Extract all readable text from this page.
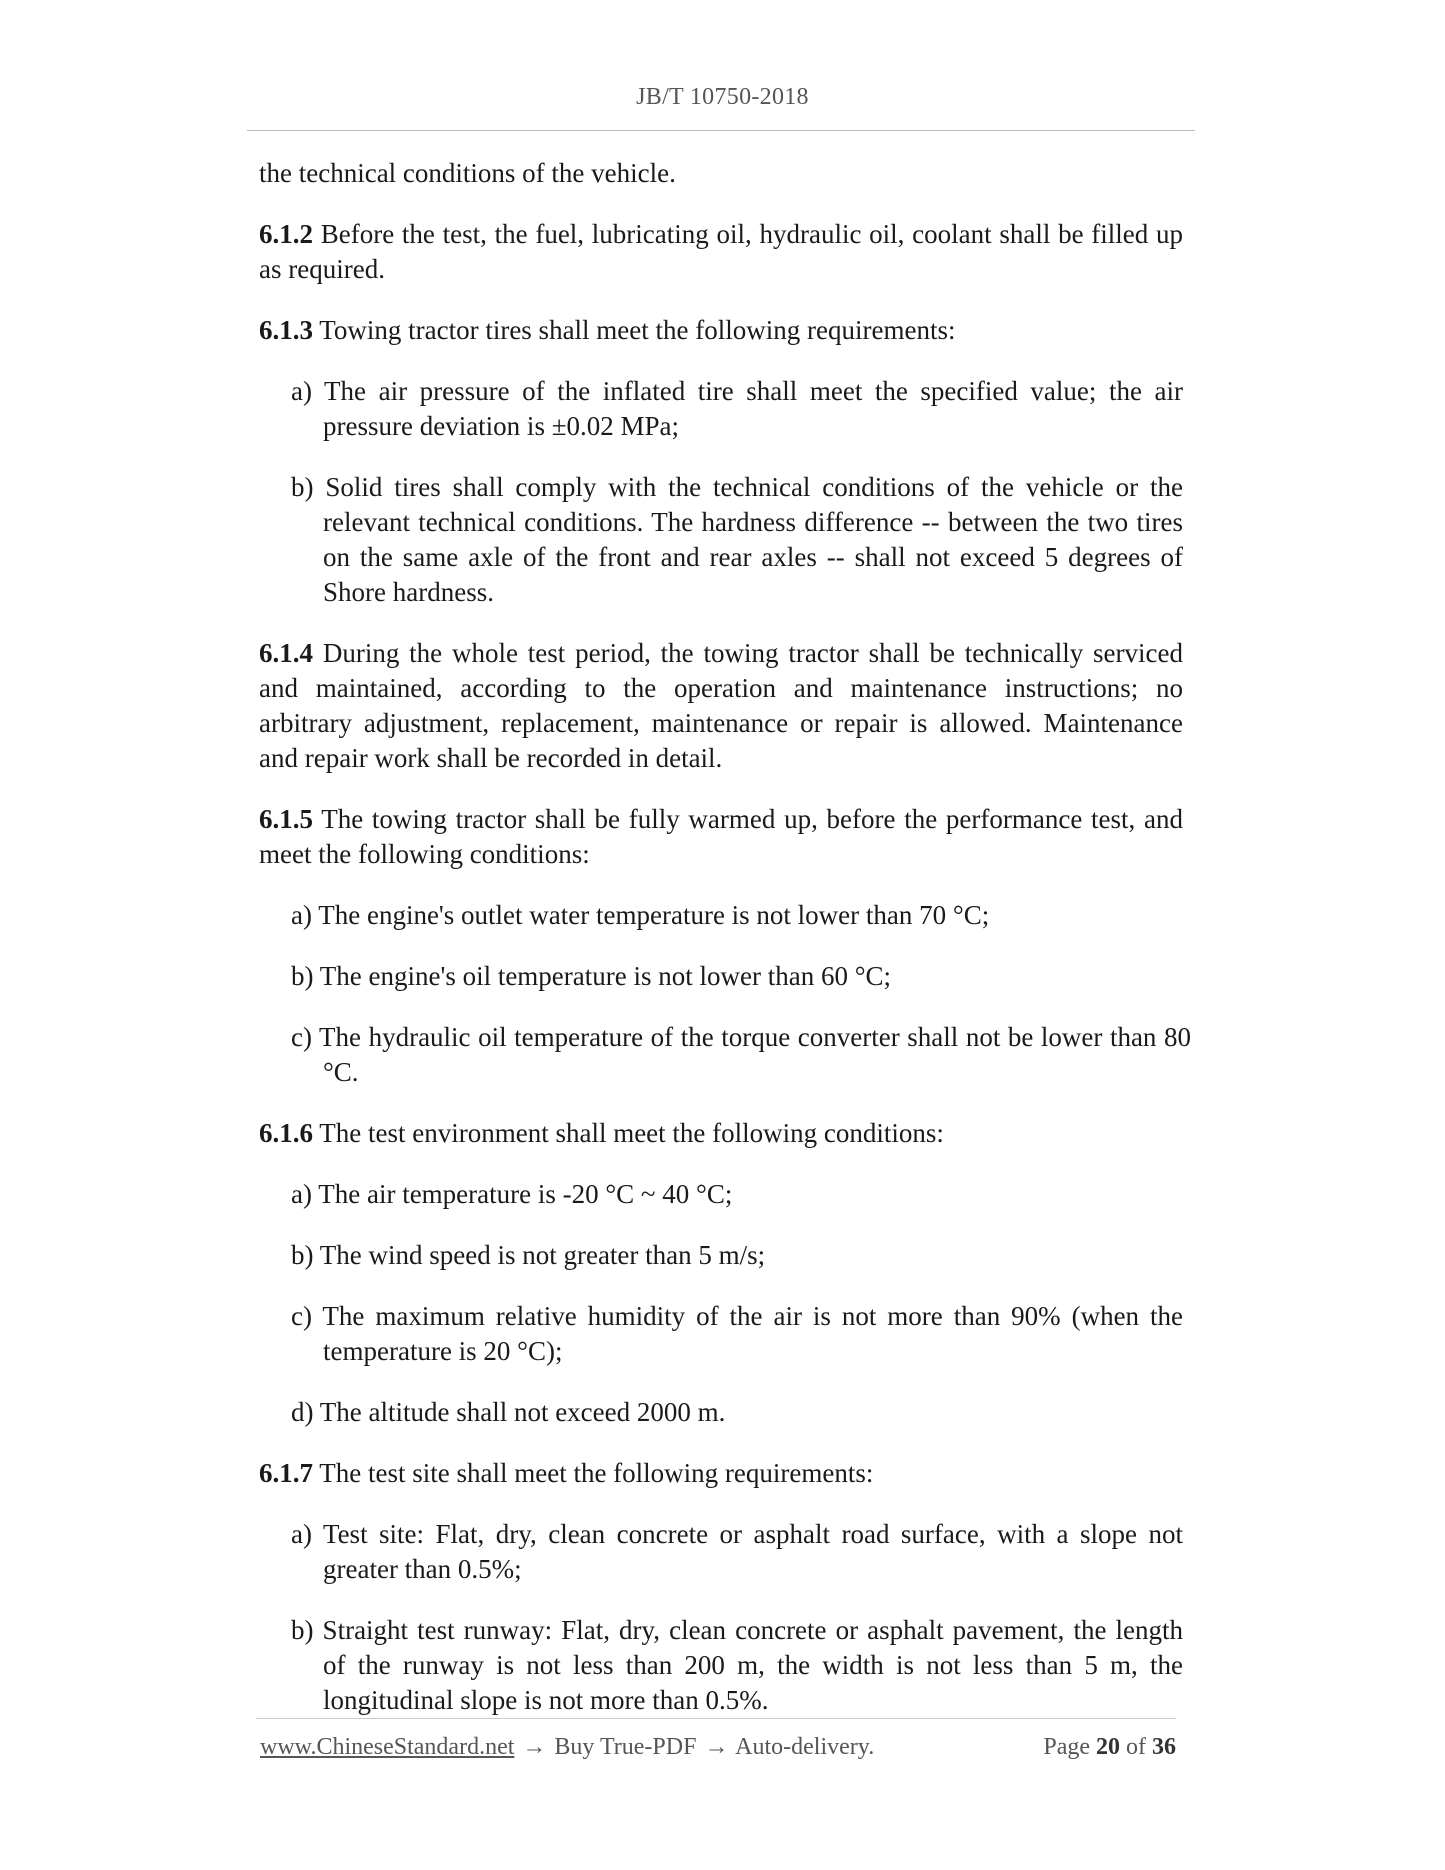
JB/T 10750-2018

the technical conditions of the vehicle.

6.1.2 Before the test, the fuel, lubricating oil, hydraulic oil, coolant shall be filled up as required.

6.1.3 Towing tractor tires shall meet the following requirements:

a) The air pressure of the inflated tire shall meet the specified value; the air pressure deviation is ±0.02 MPa;

b) Solid tires shall comply with the technical conditions of the vehicle or the relevant technical conditions. The hardness difference -- between the two tires on the same axle of the front and rear axles -- shall not exceed 5 degrees of Shore hardness.

6.1.4 During the whole test period, the towing tractor shall be technically serviced and maintained, according to the operation and maintenance instructions; no arbitrary adjustment, replacement, maintenance or repair is allowed. Maintenance and repair work shall be recorded in detail.

6.1.5 The towing tractor shall be fully warmed up, before the performance test, and meet the following conditions:

a) The engine's outlet water temperature is not lower than 70 °C;

b) The engine's oil temperature is not lower than 60 °C;

c) The hydraulic oil temperature of the torque converter shall not be lower than 80 °C.

6.1.6 The test environment shall meet the following conditions:

a) The air temperature is -20 °C ~ 40 °C;

b) The wind speed is not greater than 5 m/s;

c) The maximum relative humidity of the air is not more than 90% (when the temperature is 20 °C);

d) The altitude shall not exceed 2000 m.

6.1.7 The test site shall meet the following requirements:

a) Test site: Flat, dry, clean concrete or asphalt road surface, with a slope not greater than 0.5%;

b) Straight test runway: Flat, dry, clean concrete or asphalt pavement, the length of the runway is not less than 200 m, the width is not less than 5 m, the longitudinal slope is not more than 0.5%.

www.ChineseStandard.net → Buy True-PDF → Auto-delivery.	Page 20 of 36
